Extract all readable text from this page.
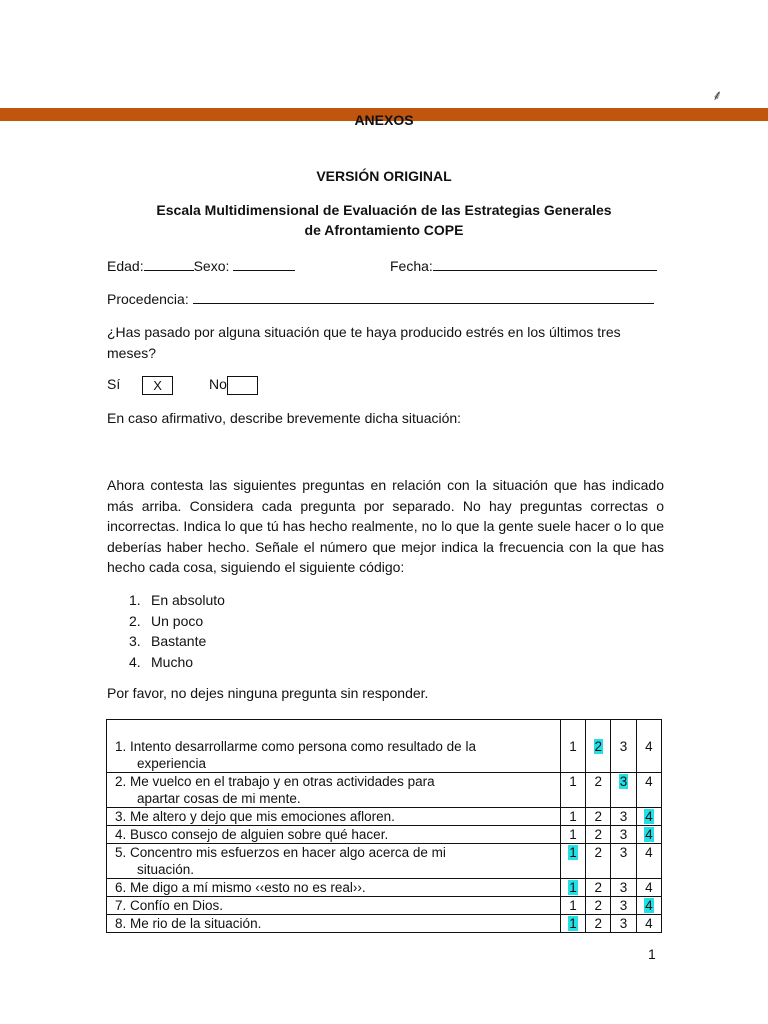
⸙
ANEXOS
VERSIÓN ORIGINAL
Escala Multidimensional de Evaluación de las Estrategias Generales
de Afrontamiento COPE
Edad:	Sexo:	Fecha:
Procedencia:
¿Has pasado por alguna situación que te haya producido estrés en los últimos tres meses?
Sí	X	No
En caso afirmativo, describe brevemente dicha situación:
Ahora contesta las siguientes preguntas en relación con la situación que has indicado más arriba. Considera cada pregunta por separado. No hay preguntas correctas o incorrectas. Indica lo que tú has hecho realmente, no lo que la gente suele hacer o lo que deberías haber hecho. Señale el número que mejor indica la frecuencia con la que has hecho cada cosa, siguiendo el siguiente código:
1. En absoluto
2. Un poco
3. Bastante
4. Mucho
Por favor, no dejes ninguna pregunta sin responder.
1. Intento desarrollarme como persona como resultado de la
experiencia	1	2	3	4
2. Me vuelco en el trabajo y en otras actividades para
apartar cosas de mi mente.	1	2	3	4
3. Me altero y dejo que mis emociones afloren.	1	2	3	4
4. Busco consejo de alguien sobre qué hacer.	1	2	3	4
5. Concentro mis esfuerzos en hacer algo acerca de mi
situación.	1	2	3	4
6. Me digo a mí mismo ‹‹esto no es real››.	1	2	3	4
7. Confío en Dios.	1	2	3	4
8. Me rio de la situación.	1	2	3	4
1
